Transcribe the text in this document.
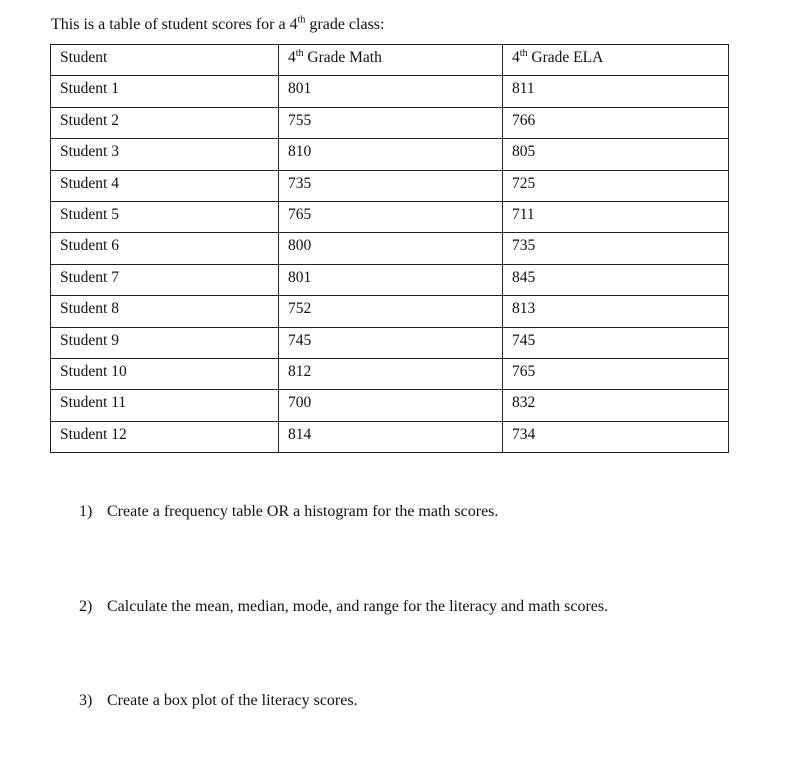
This is a table of student scores for a 4th grade class:
Student	4th Grade Math	4th Grade ELA
Student 1	801	811
Student 2	755	766
Student 3	810	805
Student 4	735	725
Student 5	765	711
Student 6	800	735
Student 7	801	845
Student 8	752	813
Student 9	745	745
Student 10	812	765
Student 11	700	832
Student 12	814	734
1) Create a frequency table OR a histogram for the math scores.
2) Calculate the mean, median, mode, and range for the literacy and math scores.
3) Create a box plot of the literacy scores.
